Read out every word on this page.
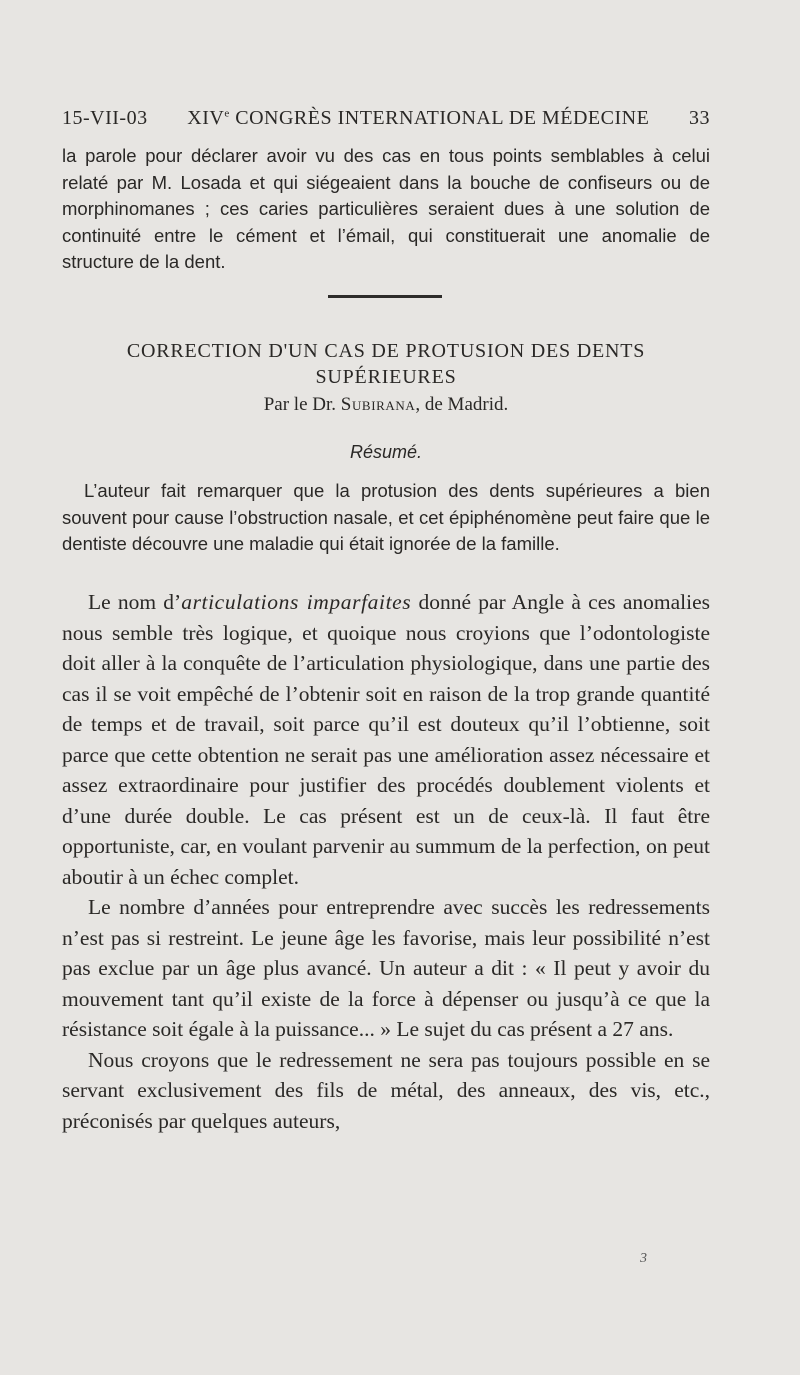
15-VII-03 XIVe CONGRÈS INTERNATIONAL DE MÉDECINE 33

la parole pour déclarer avoir vu des cas en tous points semblables à celui relaté par M. Losada et qui siégeaient dans la bouche de confiseurs ou de morphinomanes ; ces caries particulières seraient dues à une solution de continuité entre le cément et l’émail, qui constituerait une anomalie de structure de la dent.

CORRECTION D'UN CAS DE PROTUSION DES DENTS
SUPÉRIEURES
Par le Dr. Subirana, de Madrid.
Résumé.

L’auteur fait remarquer que la protusion des dents supérieures a bien souvent pour cause l’obstruction nasale, et cet épiphénomène peut faire que le dentiste découvre une maladie qui était ignorée de la famille.

Le nom d’articulations imparfaites donné par Angle à ces anomalies nous semble très logique, et quoique nous croyions que l’odontologiste doit aller à la conquête de l’articulation physiologique, dans une partie des cas il se voit empêché de l’obtenir soit en raison de la trop grande quantité de temps et de travail, soit parce qu’il est douteux qu’il l’obtienne, soit parce que cette obtention ne serait pas une amélioration assez nécessaire et assez extraordinaire pour justifier des procédés doublement violents et d’une durée double. Le cas présent est un de ceux-là. Il faut être opportuniste, car, en voulant parvenir au summum de la perfection, on peut aboutir à un échec complet.

Le nombre d’années pour entreprendre avec succès les redressements n’est pas si restreint. Le jeune âge les favorise, mais leur possibilité n’est pas exclue par un âge plus avancé. Un auteur a dit : « Il peut y avoir du mouvement tant qu’il existe de la force à dépenser ou jusqu’à ce que la résistance soit égale à la puissance... » Le sujet du cas présent a 27 ans.

Nous croyons que le redressement ne sera pas toujours possible en se servant exclusivement des fils de métal, des anneaux, des vis, etc., préconisés par quelques auteurs,

3
